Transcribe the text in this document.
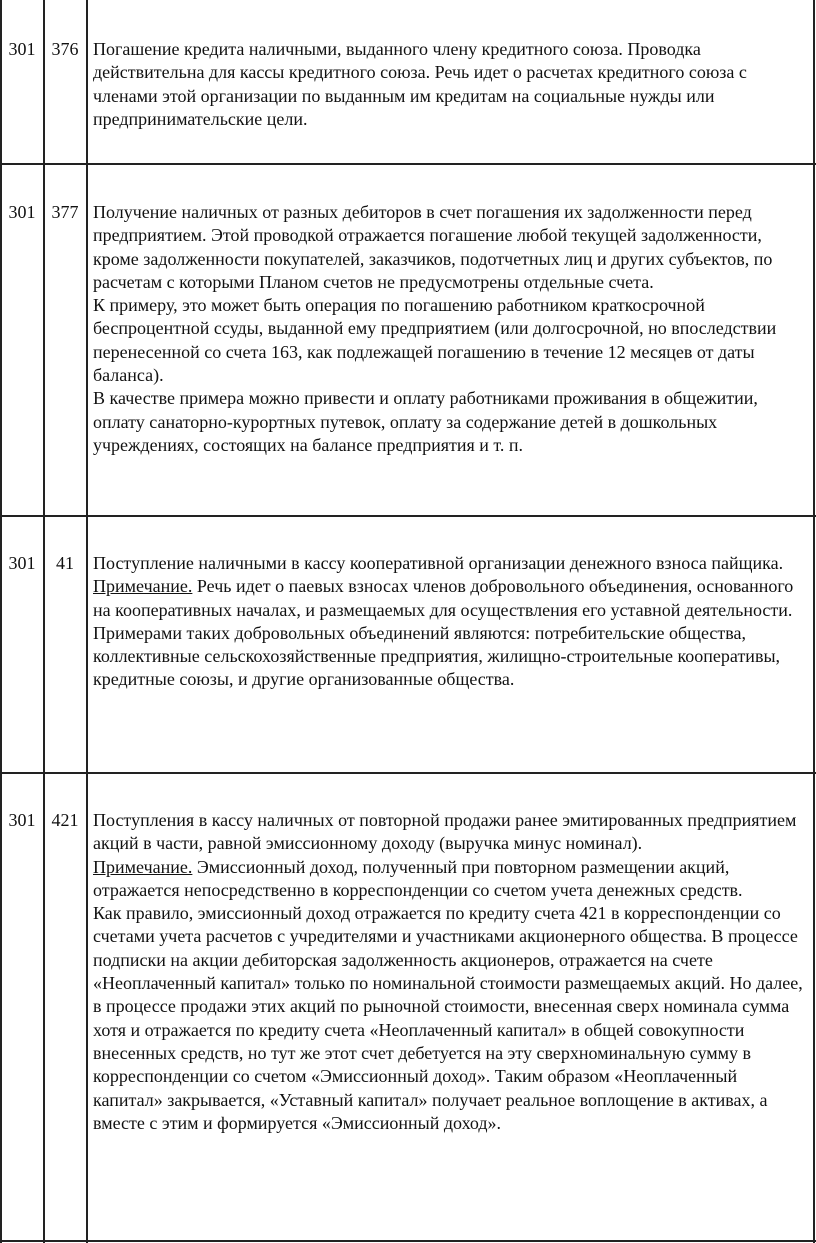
301 376 Погашение кредита наличными, выданного члену кредитного союза. Проводка действительна для кассы кредитного союза. Речь идет о расчетах кредитного союза с членами этой организации по выданным им кредитам на социальные нужды или предпринимательские цели.

301 377 Получение наличных от разных дебиторов в счет погашения их задолженности перед предприятием. Этой проводкой отражается погашение любой текущей задолженности, кроме задолженности покупателей, заказчиков, подотчетных лиц и других субъектов, по расчетам с которыми Планом счетов не предусмотрены отдельные счета.

К примеру, это может быть операция по погашению работником краткосрочной беспроцентной ссуды, выданной ему предприятием (или долгосрочной, но впоследствии перенесенной со счета 163, как подлежащей погашению в течение 12 месяцев от даты баланса).

В качестве примера можно привести и оплату работниками проживания в общежитии, оплату санаторно-курортных путевок, оплату за содержание детей в дошкольных учреждениях, состоящих на балансе предприятия и т. п.

301	41	Поступление наличными в кассу кооперативной организации денежного взноса пайщика.

Примечание. Речь идет о паевых взносах членов добровольного объединения, основанного на кооперативных началах, и размещаемых для осуществления его уставной деятельности. Примерами таких добровольных объединений являются: потребительские общества, коллективные сельскохозяйственные предприятия, жилищно-строительные кооперативы, кредитные союзы, и другие организованные общества.

301 421 Поступления в кассу наличных от повторной продажи ранее эмитированных предприятием акций в части, равной эмиссионному доходу (выручка минус номинал).

Примечание. Эмиссионный доход, полученный при повторном размещении акций, отражается непосредственно в корреспонденции со счетом учета денежных средств.

Как правило, эмиссионный доход отражается по кредиту счета 421 в корреспонденции со счетами учета расчетов с учредителями и участниками акционерного общества. В процессе подписки на акции дебиторская задолженность акционеров, отражается на счете «Неоплаченный капитал» только по номинальной стоимости размещаемых акций. Но далее, в процессе продажи этих акций по рыночной стоимости, внесенная сверх номинала сумма хотя и отражается по кредиту счета «Неоплаченный капитал» в общей совокупности внесенных средств, но тут же этот счет дебетуется на эту сверхноминальную сумму в корреспонденции со счетом «Эмиссионный доход». Таким образом «Неоплаченный капитал» закрывается, «Уставный капитал» получает реальное воплощение в активах, а вместе с этим и формируется «Эмиссионный доход».
